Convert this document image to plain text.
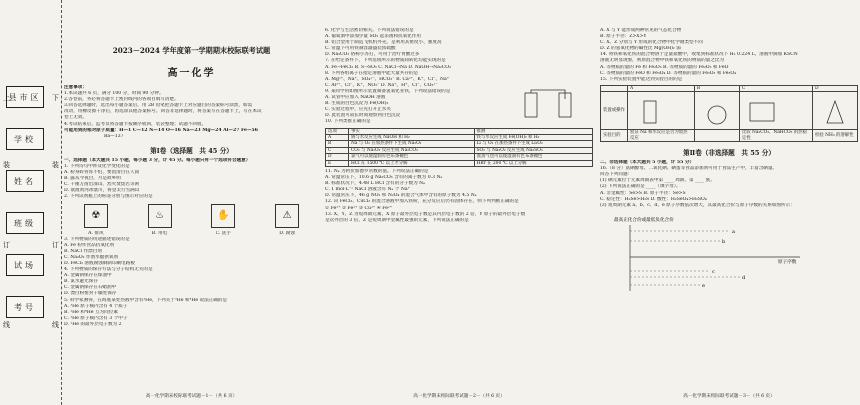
县市区
学校
姓名
班级
试场
考号
上	下
装
订
线
装
订
线
2023－2024 学年度第一学期期末校际联考试题
高一化学
注意事项：
1.本试题共 6 页，满分 100 分，时间 90 分钟。
2.答卷前，务必将答题卡上密封线内的各项目填写清楚。
3.回答选择题时，选出每小题答案后，用 2B 铅笔把答题卡上对应题目的答案标号涂黑，如需
改动，用橡皮擦干净后，再选涂其他答案标号。回答非选择题时，将答案写在答题卡上，写在本试
卷上无效。
4.考试结束后，监考员将答题卡按顺序收回，装袋整理；试题不回收。
可能用到的相对原子质量：H—1 C—12 N—14 O—16 Na—23 Mg—24 Al—27 Fe—56
Ba—137
第Ⅰ卷（选择题　共 45 分）
一、选择题（本大题共 15 小题，每小题 3 分，计 45 分。每小题只有一个选项符合题意）
1. 下列诗句中涉及化学变化的是
A. 粉身碎骨浑不怕，要留清白在人间
B. 露从今夜白，月是故乡明
C. 千锤万凿出深山，烈火焚烧若等闲
D. 欲渡黄河冰塞川，将登太行雪满山
2. 下列试剂瓶上的标签分别与图示对应的是
☢	♨	✋	⚠
A. 排风	B. 用电	C. 洗手	D. 腐蚀
3. 下列物质的用途描述错误的是
A. Fe 粉作食品抗氧化剂
B. NaCl 作漂白剂
C. Na₂O₂ 作潜水艇供氧剂
D. FeCl₃ 溶液腐蚀铜制印刷电路板
4. 下列物质的保存方法与分子结构无关的是
A. 金属钠保存在煤油中
B. 氯水避光保存
C. 金属钠保存在石蜡油中
D. 漂白粉密封干燥处保存
5. 科学家测得，在海底某处热液中含有³He，下列关于³He 和⁴He 说法正确的是
A. ³He 原子核内含有 4 个质子
B. ³He 和⁴He 互为同位素
C. ³He 原子核内含有 3 个中子
D. ³He 的最外层电子数为 2
高一化学期末校际联考试题－1－（共 6 页）
6. 化学与生活密切相关。下列说法错误的是
A. 葡萄酒中添加少量 SO₂ 起杀菌和抗氧化作用
B. 铝合金用于制造飞机机外壳，是利用其密度小、强度高
C. 常温下可用铁制容器盛装浓硫酸
D. Na₂CO₃ 俗称小苏打，可用于治疗胃酸过多
7. 在给定条件下，下列选项所示的物质间转化均能实现的是
A. Fe→FeCl₂ B. S→SO₃ C. NaCl→Na D. NaOH→Na₂CO₃
8. 下列各组离子在指定溶液中能大量共存的是
A. Mg²⁺、Na⁺、SO₄²⁻、HCO₃⁻ B. Ca²⁺、K⁺、Cl⁻、Na⁺
C. Al³⁺、Cl⁻、K⁺、NO₃⁻ D. Na⁺、H⁺、Cl⁻、CO₃²⁻
9. 某同学用如图所示装置制备氢氧化亚铁，下列说法错误的是
A. 试管中应加入 NaOH 溶液
B. 生成的白色沉淀为 Fe(OH)₂
C. 实验过程中，应先打开止水夹
D. 此装置可较长时间观察到白色沉淀
10. 下列类推正确的是
选项	事实	推测
A	钠与水反应生成 NaOH 和 H₂	铁与水反应生成 Fe(OH)₃ 和 H₂
B	Na 与 O₂ 在加热条件下生成 Na₂O₂	Li 与 O₂ 在加热条件下生成 Li₂O₂
C	CO₂ 与 Na₂O₂ 反应生成 Na₂CO₃	SO₂ 与 Na₂O₂ 反应生成 Na₂SO₃
D	氯气可以使湿润有色布条褪色	溴蒸气也可以使湿润有色布条褪色
E	HCl 在 1500 ℃ 以上才分解	HBr 在 200 ℃ 以上分解
11. Nₐ 为阿伏加德罗常数的值。下列说法正确的是
A. 常温常压下，10.6 g Na₂CO₃ 含有的离子数为 0.3 Nₐ
B. 标准状况下，4.48 L HCl 含有的分子数为 Nₐ
C. 1 mol·L⁻¹ NaCl 溶液含有 Nₐ 个 Na⁺
D. 常温常压下，46 g NO₂ 和 N₂O₄ 的混合气体中含有的原子数为 4.5 Nₐ
12. 向 FeCl₃、CuCl₂ 的混合溶液中加入铁粉，充分反应后仍有固体存在，则下列判断正确的是
① Fe³⁺ ② Fe²⁺ ③ Cu²⁺ ④ Fe²⁺
13. X、Y、Z 为短周期元素，X 原子最外层电子数是其内层电子数的 2 倍，Y 原子的最外层电子数
是次外层的 3 倍，Z 是短周期中金属性最强的元素，下列说法正确的是
高一化学期末校际联考试题－2－（共 6 页）
A. X 与 Y 能形成两种常见的气态化合物
B. 原子半径：Z>X>Y
C. X、Z 分别与 Y 形成的化合物中化学键类型不同
D. Z 的氢氧化物的碱性比 Mg(OH)₂ 弱
14. 将铁和氧化铁的混合物溶于足量盐酸中，收集到标准状况下 H₂ 0.224 L，溶液中滴加 KSCN
溶液无明显现象，则原混合物中铁和氧化铁的物质的量之比为
A. 等物质的量的 Fe 和 Fe₂O₃ B. 等物质的量的 Fe₂O₃ 和 FeO
C. 等物质的量的 FeO 和 Fe₃O₄ D. 等物质的量的 Fe₂O₃ 和 Fe₃O₄
15. 下列实验装置中能达到实验目的的是
	A	B	C	D
装置或操作				
实验目的	验证 Na 和水反应是否为放热反应		比较 Na₂CO₃、NaHCO₃ 的热稳定性	检验 NH₃ 的溶解性
第Ⅱ卷（非选择题　共 55 分）
二、非选择题（本大题共 5 小题，计 55 分）
16.（8 分）富硒酵母、二氧化硒、硒蛋等食品添加剂可用于食品生产中，丰富含硒量。
回答下列问题：
(1) 硒元素位于元素周期表中第 ____ 周期、第 ____ 族。
(2) 下列说法正确的是 ____（填字母）。
A. 非金属性：Se>S B. 原子半径：Se>S
C. 稳定性：H₂Se>H₂S D. 酸性：H₂SeO₄>H₂SO₄
(3) 短周期元素 a、b、c、d、e 原子序数依次增大，其最高化合价与原子序数的关系如图所示：
最高正化合价或最低负化合价
原子序数
a
b
c
d
e
高一化学期末校际联考试题－3－（共 6 页）
